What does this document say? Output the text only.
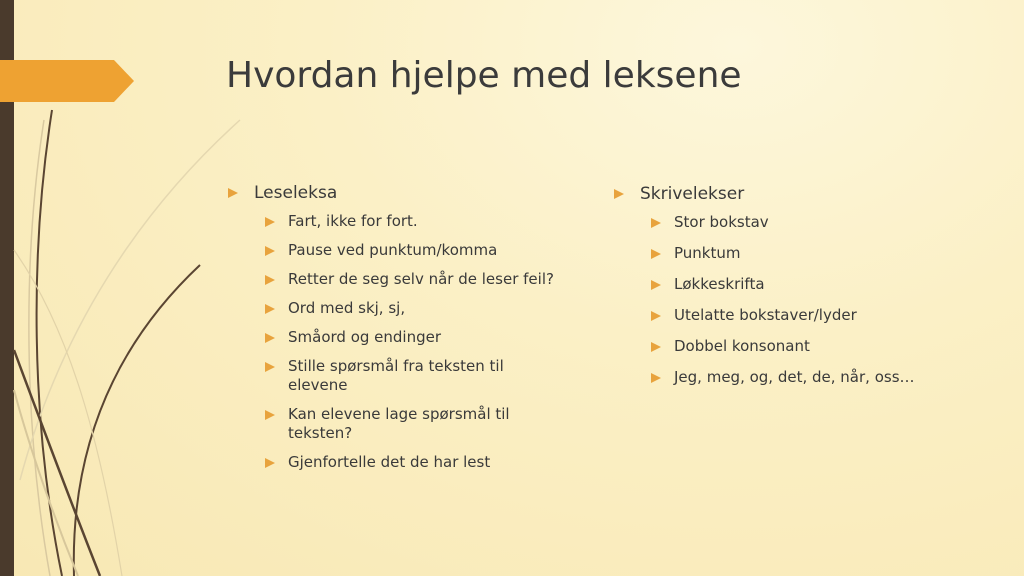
Hvordan hjelpe med leksene
Leseleksa
Fart, ikke for fort.
Pause ved punktum/komma
Retter de seg selv når de leser feil?
Ord med skj, sj,
Småord og endinger
Stille spørsmål fra teksten til elevene
Kan elevene lage spørsmål til teksten?
Gjenfortelle det de har lest
Skrivelekser
Stor bokstav
Punktum
Løkkeskrifta
Utelatte bokstaver/lyder
Dobbel konsonant
Jeg, meg, og, det, de, når, oss…
